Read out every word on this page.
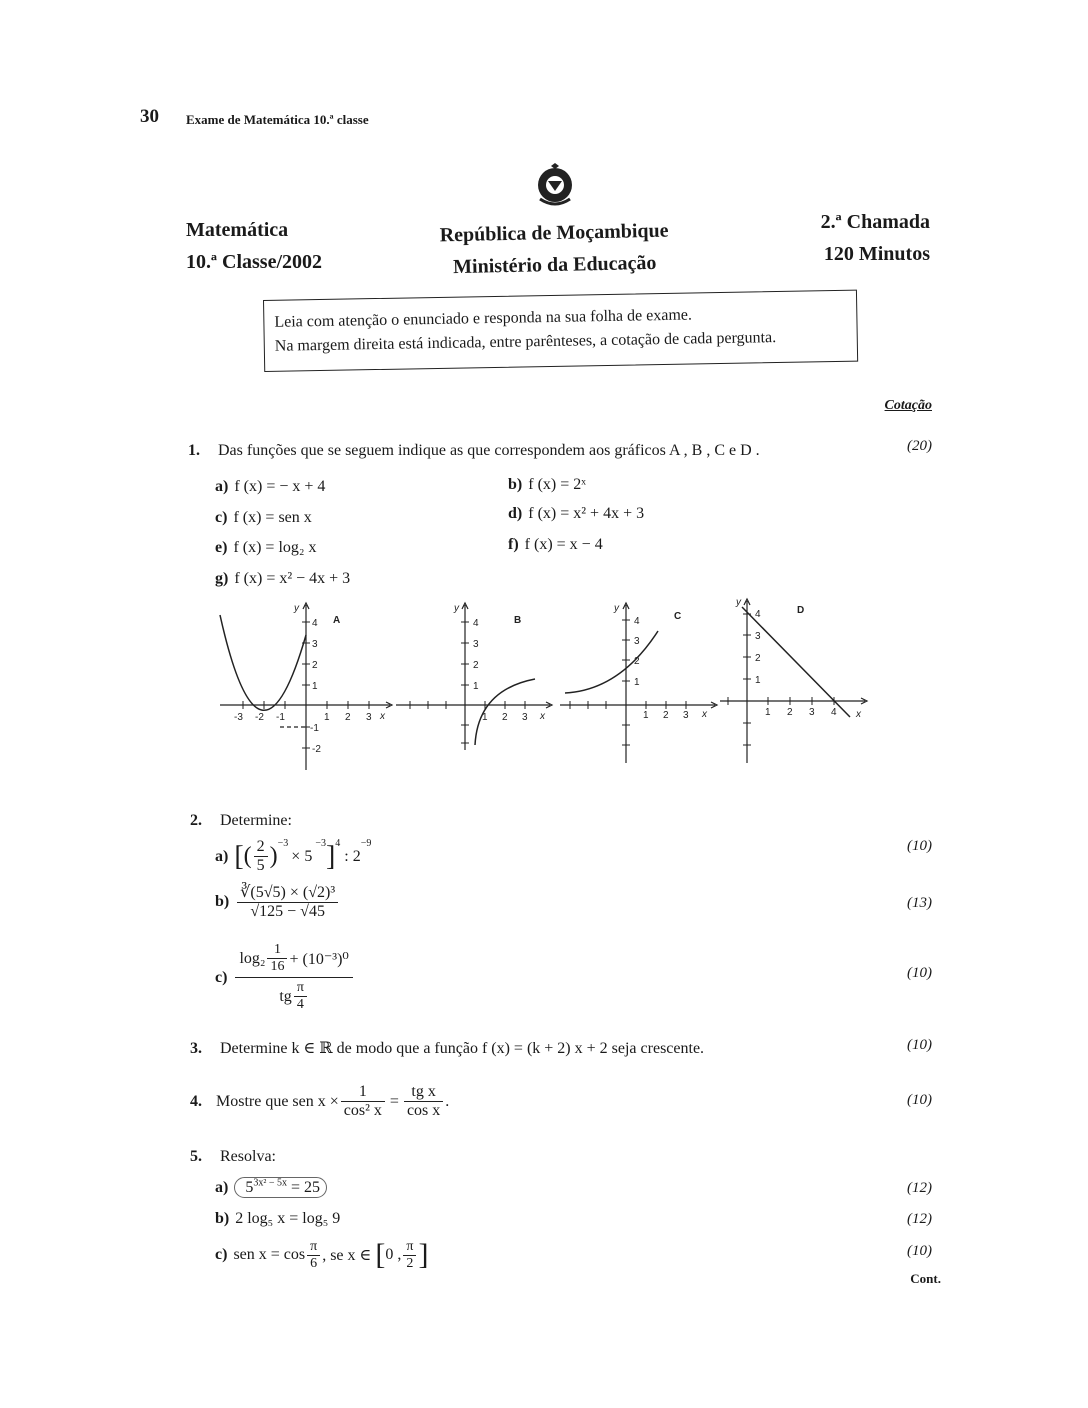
30 Exame de Matemática 10.ª classe
Matemática
10.ª Classe/2002
República de Moçambique
Ministério da Educação
2.ª Chamada
120 Minutos
Leia com atenção o enunciado e responda na sua folha de exame.
Na margem direita está indicada, entre parênteses, a cotação de cada pergunta.
Cotação
1. Das funções que se seguem indique as que correspondem aos gráficos A , B , C e D .	(20)
a) f (x) = − x + 4	b) f (x) = 2ˣ
c) f (x) = sen x	d) f (x) = x² + 4x + 3
e) f (x) = log₂ x	f) f (x) = x − 4
g) f (x) = x² − 4x + 3
y
x
A
4
3
2
1
-1
-2
-3 -2 -1	1 2 3
y
x
B
4
3
2
1
1 2 3
y
x
C
4
3
2
1
1 2 3
y
x
D
4
3
2
1
1 2 3 4
2. Determine:
a) [ ( $\frac{2}{5} )^{-3}$
× 5
$^{-3}$ ]$^4$
: 2
$^{-9}$	(10)
$b) \frac{\text{∛(5√5) × (√2)³}}{√125 - √45}$	(13)
$c) \frac{\log_2 \frac{1}{16} + (10^{-3})^0}{tg \frac{\pi}{4}}$	(10)
3. Determine k ∈ ℝ de modo que a função f (x) = (k + 2) x + 2 seja crescente.	(10)
4. Mostre que sen $x \times \frac{1}{\text{cos² x}} = \frac{\text{tg x}}{\text{cos x}}$ .	(10)
5. Resolva:
a) $5^{3x^2 - 5x} = 25$	(12)
b) 2 log₅ x = log₅ 9	(12)
c) sen $x = \cos \frac{\pi}{6}$ , se x ∈ [ 0 , $\frac{\pi}{2}$ ]	(10)
Cont.
